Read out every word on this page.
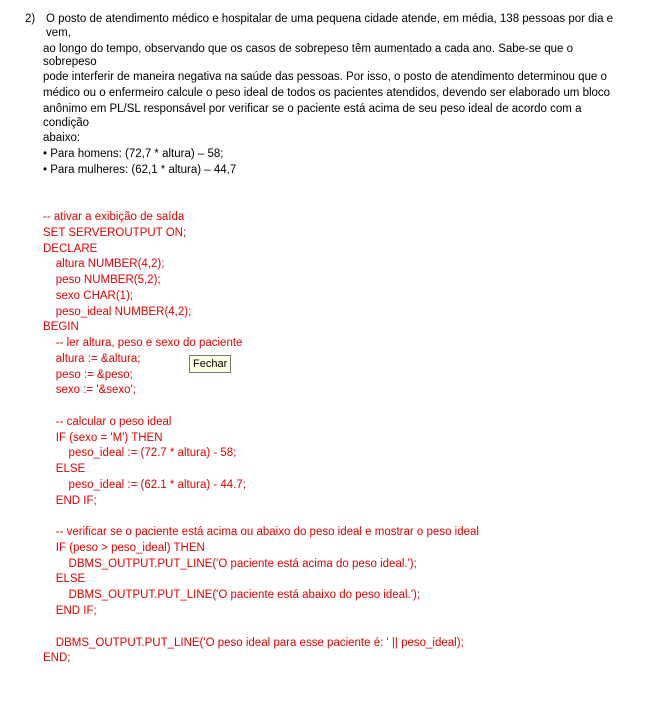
2) O posto de atendimento médico e hospitalar de uma pequena cidade atende, em média, 138 pessoas por dia e
vem,
ao longo do tempo, observando que os casos de sobrepeso têm aumentado a cada ano. Sabe-se que o
sobrepeso
pode interferir de maneira negativa na saúde das pessoas. Por isso, o posto de atendimento determinou que o
médico ou o enfermeiro calcule o peso ideal de todos os pacientes atendidos, devendo ser elaborado um bloco
anônimo em PL/SL responsável por verificar se o paciente está acima de seu peso ideal de acordo com a
condição
abaixo:
• Para homens: (72,7 * altura) – 58;
• Para mulheres: (62,1 * altura) – 44,7
-- ativar a exibição de saída
SET SERVEROUTPUT ON;
DECLARE
altura NUMBER(4,2);
peso NUMBER(5,2);
sexo CHAR(1);
peso_ideal NUMBER(4,2);
BEGIN
-- ler altura, peso e sexo do paciente
altura := &altura;
peso := &peso;
sexo := '&sexo';
-- calcular o peso ideal
IF (sexo = 'M') THEN
peso_ideal := (72.7 * altura) - 58;
ELSE
peso_ideal := (62.1 * altura) - 44.7;
END IF;
-- verificar se o paciente está acima ou abaixo do peso ideal e mostrar o peso ideal
IF (peso > peso_ideal) THEN
DBMS_OUTPUT.PUT_LINE('O paciente está acima do peso ideal.');
ELSE
DBMS_OUTPUT.PUT_LINE('O paciente está abaixo do peso ideal.');
END IF;
DBMS_OUTPUT.PUT_LINE('O peso ideal para esse paciente é: ' || peso_ideal);
END;
Fechar
